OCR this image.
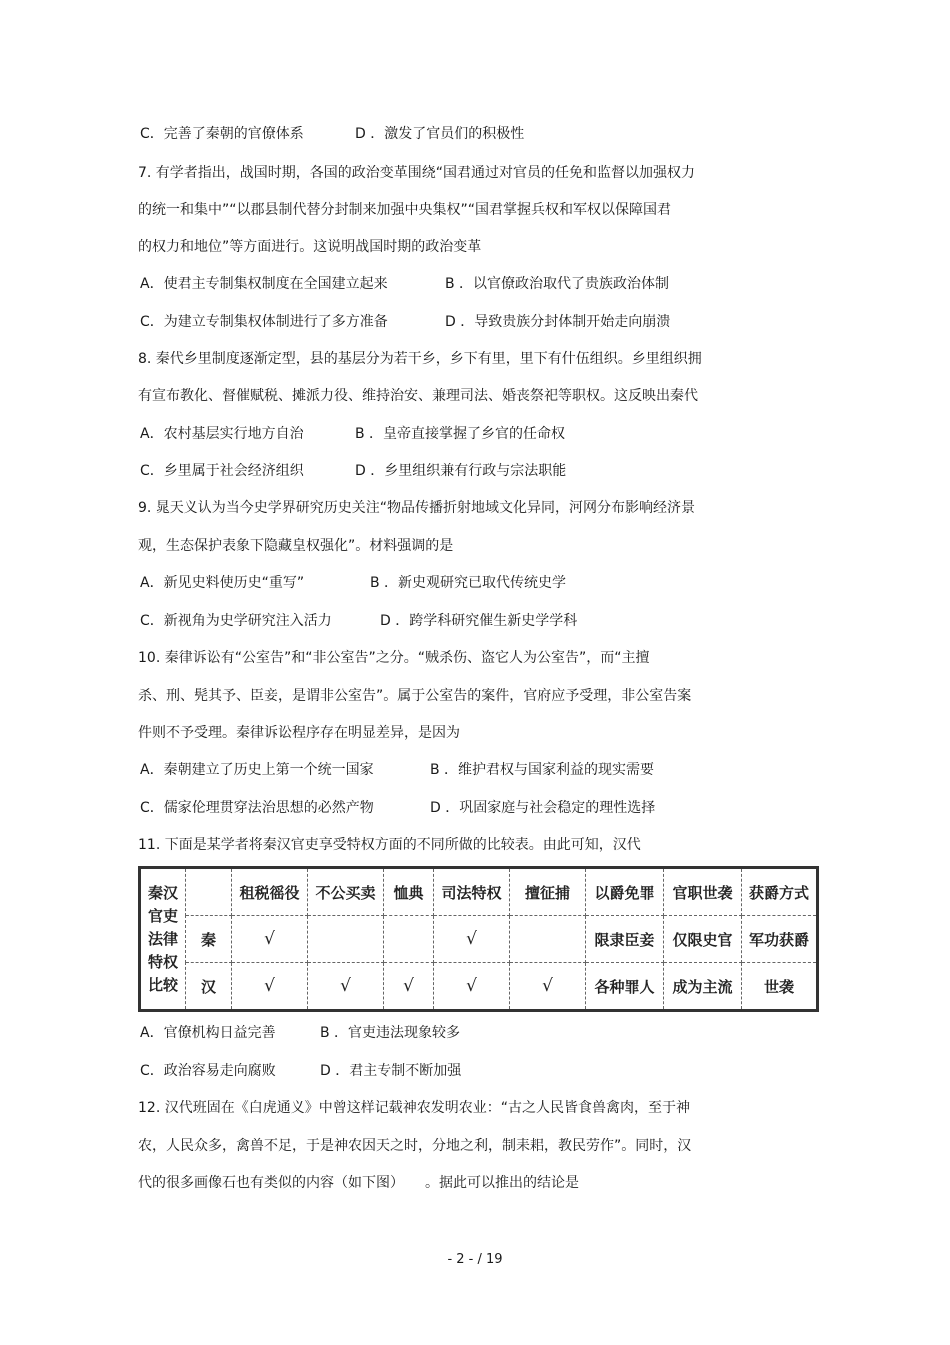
C．完善了秦朝的官僚体系	D ．激发了官员们的积极性
7. 有学者指出，战国时期，各国的政治变革围绕“国君通过对官员的任免和监督以加强权力
的统一和集中”“以郡县制代替分封制来加强中央集权”“国君掌握兵权和军权以保障国君
的权力和地位”等方面进行。这说明战国时期的政治变革
A．使君主专制集权制度在全国建立起来	B ．以官僚政治取代了贵族政治体制
C．为建立专制集权体制进行了多方准备	D ．导致贵族分封体制开始走向崩溃
8. 秦代乡里制度逐渐定型，县的基层分为若干乡，乡下有里，里下有什伍组织。乡里组织拥
有宣布教化、督催赋税、摊派力役、维持治安、兼理司法、婚丧祭祀等职权。这反映出秦代
A．农村基层实行地方自治	B ．皇帝直接掌握了乡官的任命权
C．乡里属于社会经济组织	D ．乡里组织兼有行政与宗法职能
9. 晁天义认为当今史学界研究历史关注“物品传播折射地域文化异同，河网分布影响经济景
观，生态保护表象下隐藏皇权强化”。材料强调的是
A．新见史料使历史“重写”	B ．新史观研究已取代传统史学
C．新视角为史学研究注入活力	D ．跨学科研究催生新史学学科
10. 秦律诉讼有“公室告”和“非公室告”之分。“贼杀伤、盗它人为公室告”，而“主擅
杀、刑、髡其予、臣妾，是谓非公室告”。属于公室告的案件，官府应予受理，非公室告案
件则不予受理。秦律诉讼程序存在明显差异，是因为
A．秦朝建立了历史上第一个统一国家	B ．维护君权与国家利益的现实需要
C．儒家伦理贯穿法治思想的必然产物	D ．巩固家庭与社会稳定的理性选择
11. 下面是某学者将秦汉官吏享受特权方面的不同所做的比较表。由此可知，汉代
秦汉
官吏
法律
特权
比较		租税徭役	不公买卖	恤典	司法特权	擅征捕	以爵免罪	官职世袭	获爵方式
	秦	√			√		限隶臣妾	仅限史官	军功获爵
	汉	√	√	√	√	√	各种罪人	成为主流	世袭
A．官僚机构日益完善	B ．官吏违法现象较多
C．政治容易走向腐败	D ．君主专制不断加强
12. 汉代班固在《白虎通义》中曾这样记载神农发明农业：“古之人民皆食兽禽肉，至于神
农，人民众多，禽兽不足，于是神农因天之时，分地之利，制耒耜，教民劳作”。同时，汉
代的很多画像石也有类似的内容（如下图）　　。据此可以推出的结论是
- 2 - / 19
